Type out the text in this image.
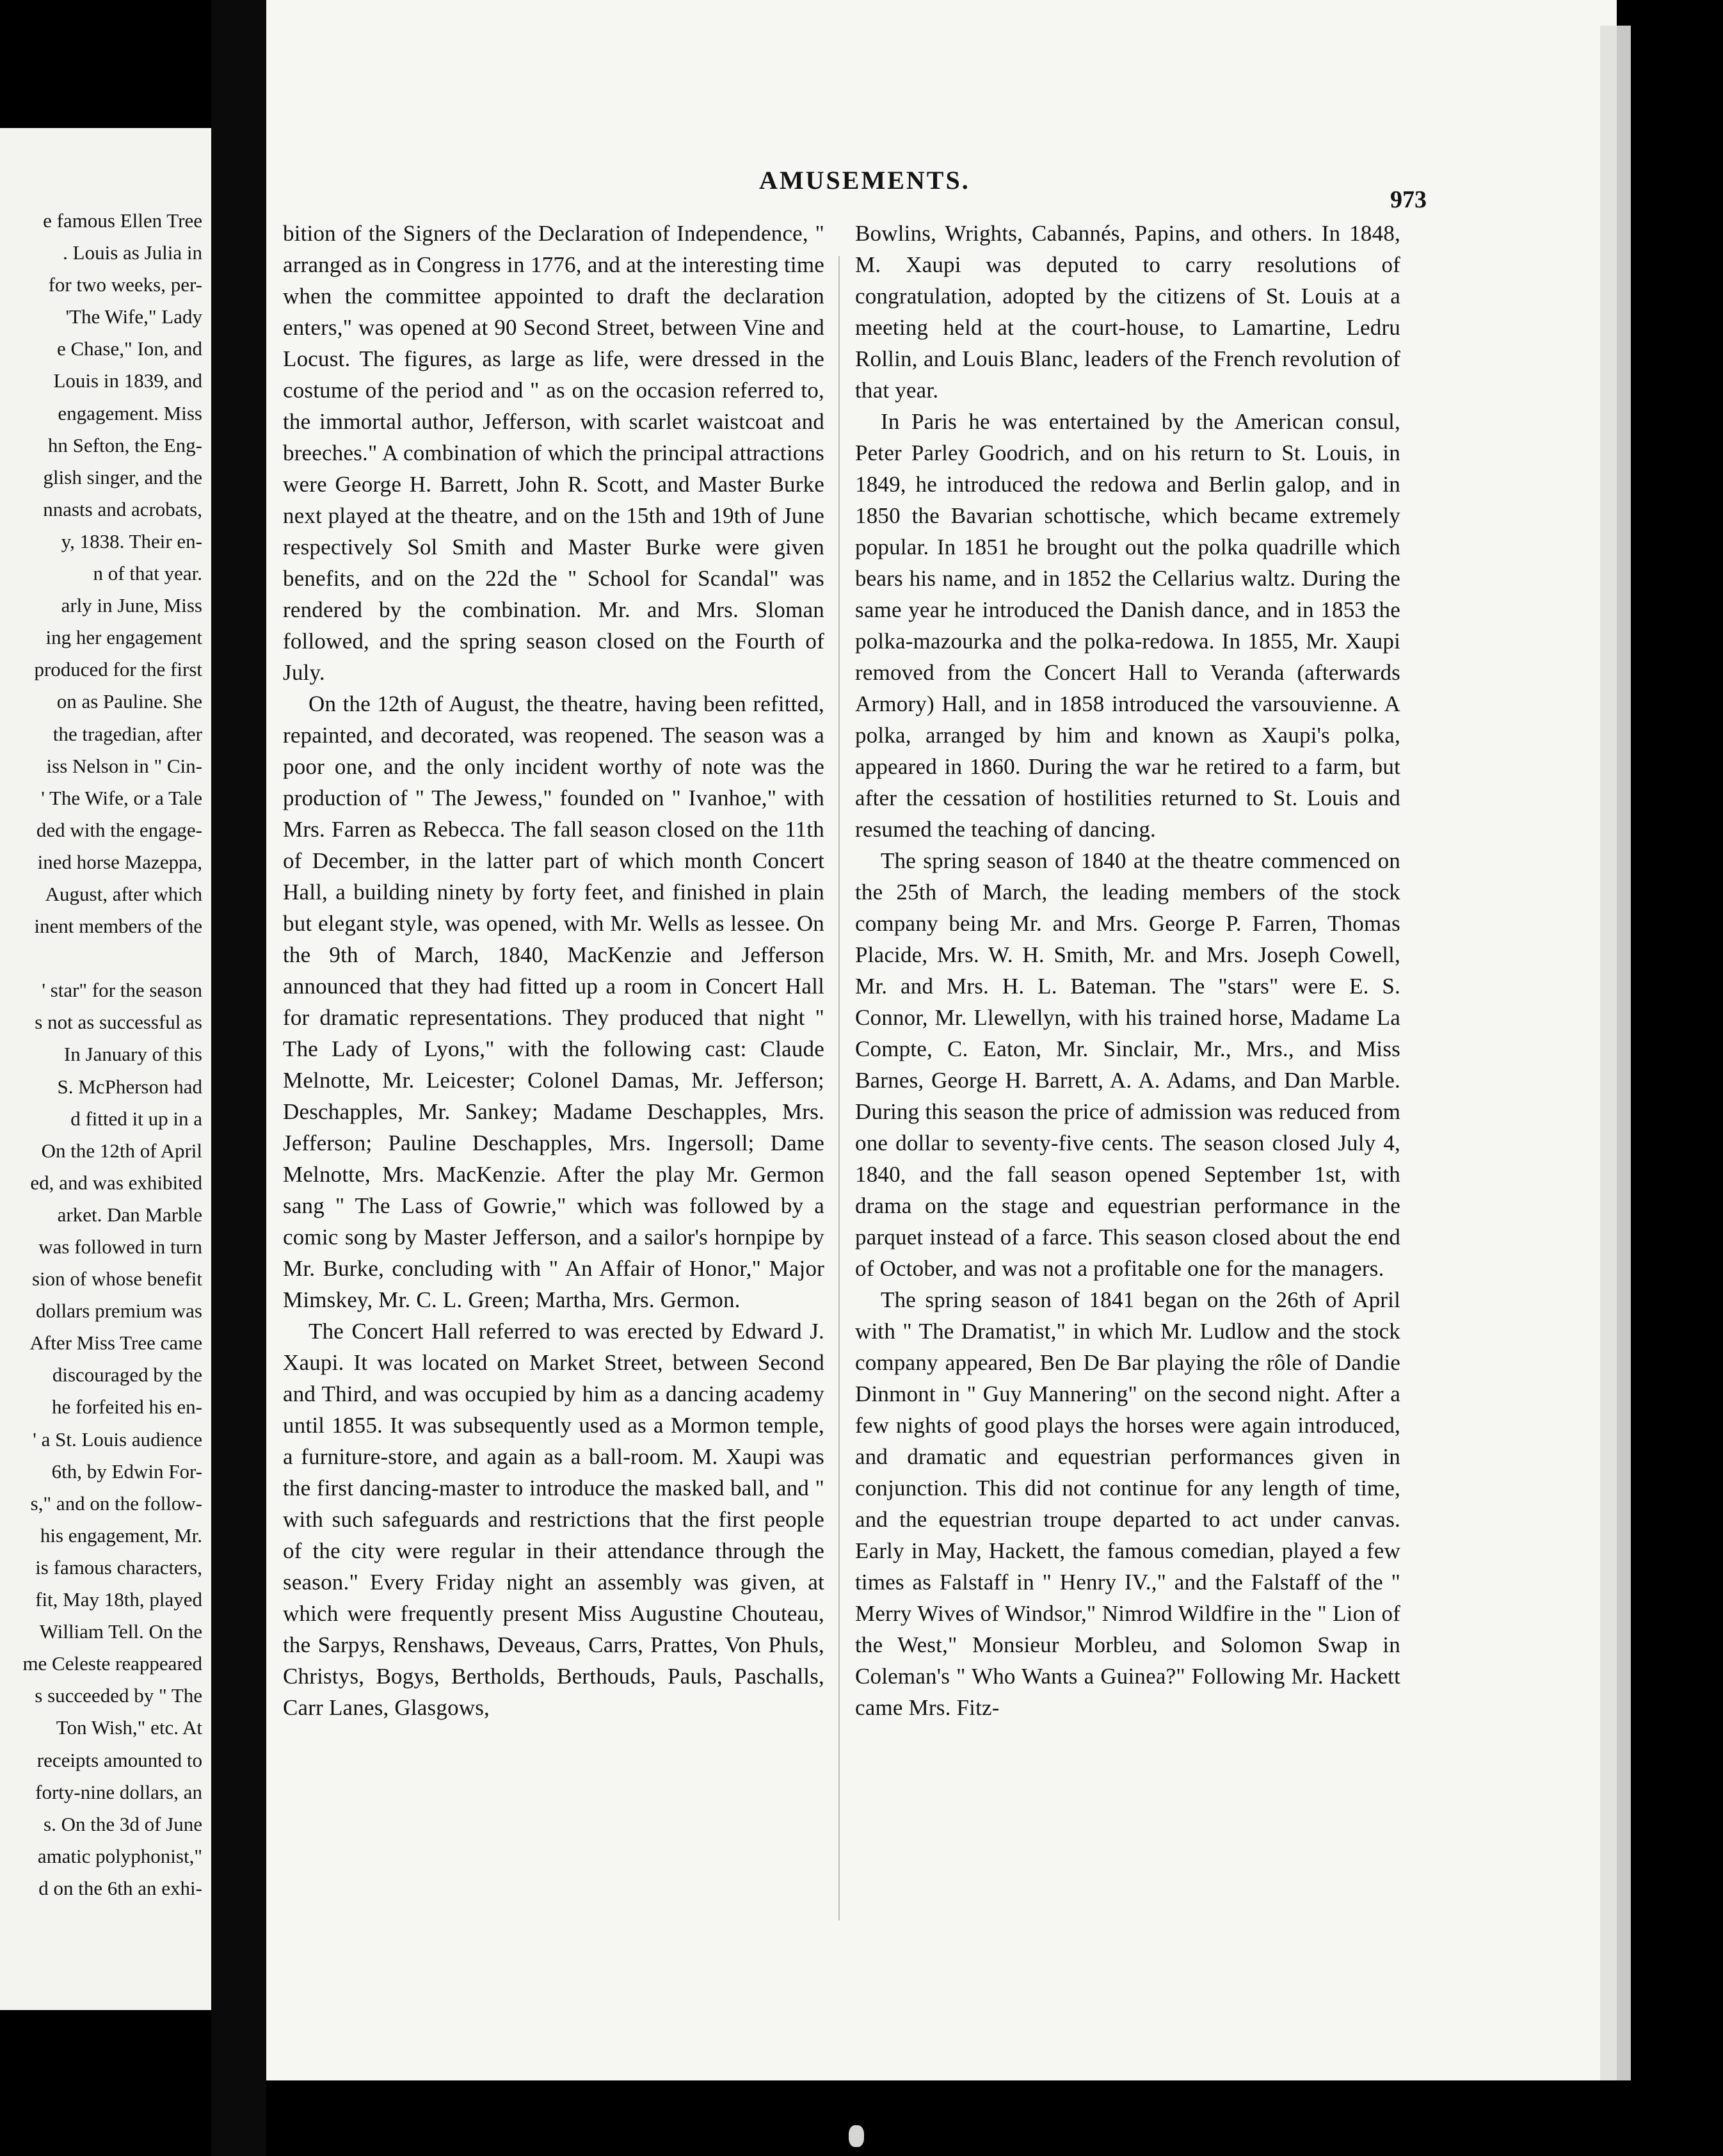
e famous Ellen Tree
. Louis as Julia in
for two weeks, per-
'The Wife," Lady
e Chase," Ion, and
Louis in 1839, and
engagement. Miss
hn Sefton, the Eng-
glish singer, and the
nnasts and acrobats,
y, 1838. Their en-
n of that year.
arly in June, Miss
ing her engagement
produced for the first
on as Pauline. She
the tragedian, after
iss Nelson in " Cin-
' The Wife, or a Tale
ded with the engage-
ined horse Mazeppa,
August, after which
inent members of the
' star" for the season
s not as successful as
In January of this
S. McPherson had
d fitted it up in a
On the 12th of April
ed, and was exhibited
arket. Dan Marble
was followed in turn
sion of whose benefit
dollars premium was
After Miss Tree came
discouraged by the
he forfeited his en-
' a St. Louis audience
6th, by Edwin For-
s," and on the follow-
his engagement, Mr.
is famous characters,
fit, May 18th, played
William Tell. On the
me Celeste reappeared
s succeeded by " The
Ton Wish," etc. At
receipts amounted to
forty-nine dollars, an
s. On the 3d of June
amatic polyphonist,"
d on the 6th an exhi-
AMUSEMENTS.
973

bition of the Signers of the Declaration of Independence, " arranged as in Congress in 1776, and at the interesting time when the committee appointed to draft the declaration enters," was opened at 90 Second Street, between Vine and Locust. The figures, as large as life, were dressed in the costume of the period and " as on the occasion referred to, the immortal author, Jefferson, with scarlet waistcoat and breeches." A combination of which the principal attractions were George H. Barrett, John R. Scott, and Master Burke next played at the theatre, and on the 15th and 19th of June respectively Sol Smith and Master Burke were given benefits, and on the 22d the " School for Scandal" was rendered by the combination. Mr. and Mrs. Sloman followed, and the spring season closed on the Fourth of July.

On the 12th of August, the theatre, having been refitted, repainted, and decorated, was reopened. The season was a poor one, and the only incident worthy of note was the production of " The Jewess," founded on " Ivanhoe," with Mrs. Farren as Rebecca. The fall season closed on the 11th of December, in the latter part of which month Concert Hall, a building ninety by forty feet, and finished in plain but elegant style, was opened, with Mr. Wells as lessee. On the 9th of March, 1840, MacKenzie and Jefferson announced that they had fitted up a room in Concert Hall for dramatic representations. They produced that night " The Lady of Lyons," with the following cast: Claude Melnotte, Mr. Leicester; Colonel Damas, Mr. Jefferson; Deschapples, Mr. Sankey; Madame Deschapples, Mrs. Jefferson; Pauline Deschapples, Mrs. Ingersoll; Dame Melnotte, Mrs. MacKenzie. After the play Mr. Germon sang " The Lass of Gowrie," which was followed by a comic song by Master Jefferson, and a sailor's hornpipe by Mr. Burke, concluding with " An Affair of Honor," Major Mimskey, Mr. C. L. Green; Martha, Mrs. Germon.

The Concert Hall referred to was erected by Edward J. Xaupi. It was located on Market Street, between Second and Third, and was occupied by him as a dancing academy until 1855. It was subsequently used as a Mormon temple, a furniture-store, and again as a ball-room. M. Xaupi was the first dancing-master to introduce the masked ball, and " with such safeguards and restrictions that the first people of the city were regular in their attendance through the season." Every Friday night an assembly was given, at which were frequently present Miss Augustine Chouteau, the Sarpys, Renshaws, Deveaus, Carrs, Prattes, Von Phuls, Christys, Bogys, Bertholds, Berthouds, Pauls, Paschalls, Carr Lanes, Glasgows,

Bowlins, Wrights, Cabannés, Papins, and others. In 1848, M. Xaupi was deputed to carry resolutions of congratulation, adopted by the citizens of St. Louis at a meeting held at the court-house, to Lamartine, Ledru Rollin, and Louis Blanc, leaders of the French revolution of that year.

In Paris he was entertained by the American consul, Peter Parley Goodrich, and on his return to St. Louis, in 1849, he introduced the redowa and Berlin galop, and in 1850 the Bavarian schottische, which became extremely popular. In 1851 he brought out the polka quadrille which bears his name, and in 1852 the Cellarius waltz. During the same year he introduced the Danish dance, and in 1853 the polka-mazourka and the polka-redowa. In 1855, Mr. Xaupi removed from the Concert Hall to Veranda (afterwards Armory) Hall, and in 1858 introduced the varsouvienne. A polka, arranged by him and known as Xaupi's polka, appeared in 1860. During the war he retired to a farm, but after the cessation of hostilities returned to St. Louis and resumed the teaching of dancing.

The spring season of 1840 at the theatre commenced on the 25th of March, the leading members of the stock company being Mr. and Mrs. George P. Farren, Thomas Placide, Mrs. W. H. Smith, Mr. and Mrs. Joseph Cowell, Mr. and Mrs. H. L. Bateman. The "stars" were E. S. Connor, Mr. Llewellyn, with his trained horse, Madame La Compte, C. Eaton, Mr. Sinclair, Mr., Mrs., and Miss Barnes, George H. Barrett, A. A. Adams, and Dan Marble. During this season the price of admission was reduced from one dollar to seventy-five cents. The season closed July 4, 1840, and the fall season opened September 1st, with drama on the stage and equestrian performance in the parquet instead of a farce. This season closed about the end of October, and was not a profitable one for the managers.

The spring season of 1841 began on the 26th of April with " The Dramatist," in which Mr. Ludlow and the stock company appeared, Ben De Bar playing the rôle of Dandie Dinmont in " Guy Mannering" on the second night. After a few nights of good plays the horses were again introduced, and dramatic and equestrian performances given in conjunction. This did not continue for any length of time, and the equestrian troupe departed to act under canvas. Early in May, Hackett, the famous comedian, played a few times as Falstaff in " Henry IV.," and the Falstaff of the " Merry Wives of Windsor," Nimrod Wildfire in the " Lion of the West," Monsieur Morbleu, and Solomon Swap in Coleman's " Who Wants a Guinea?" Following Mr. Hackett came Mrs. Fitz-
